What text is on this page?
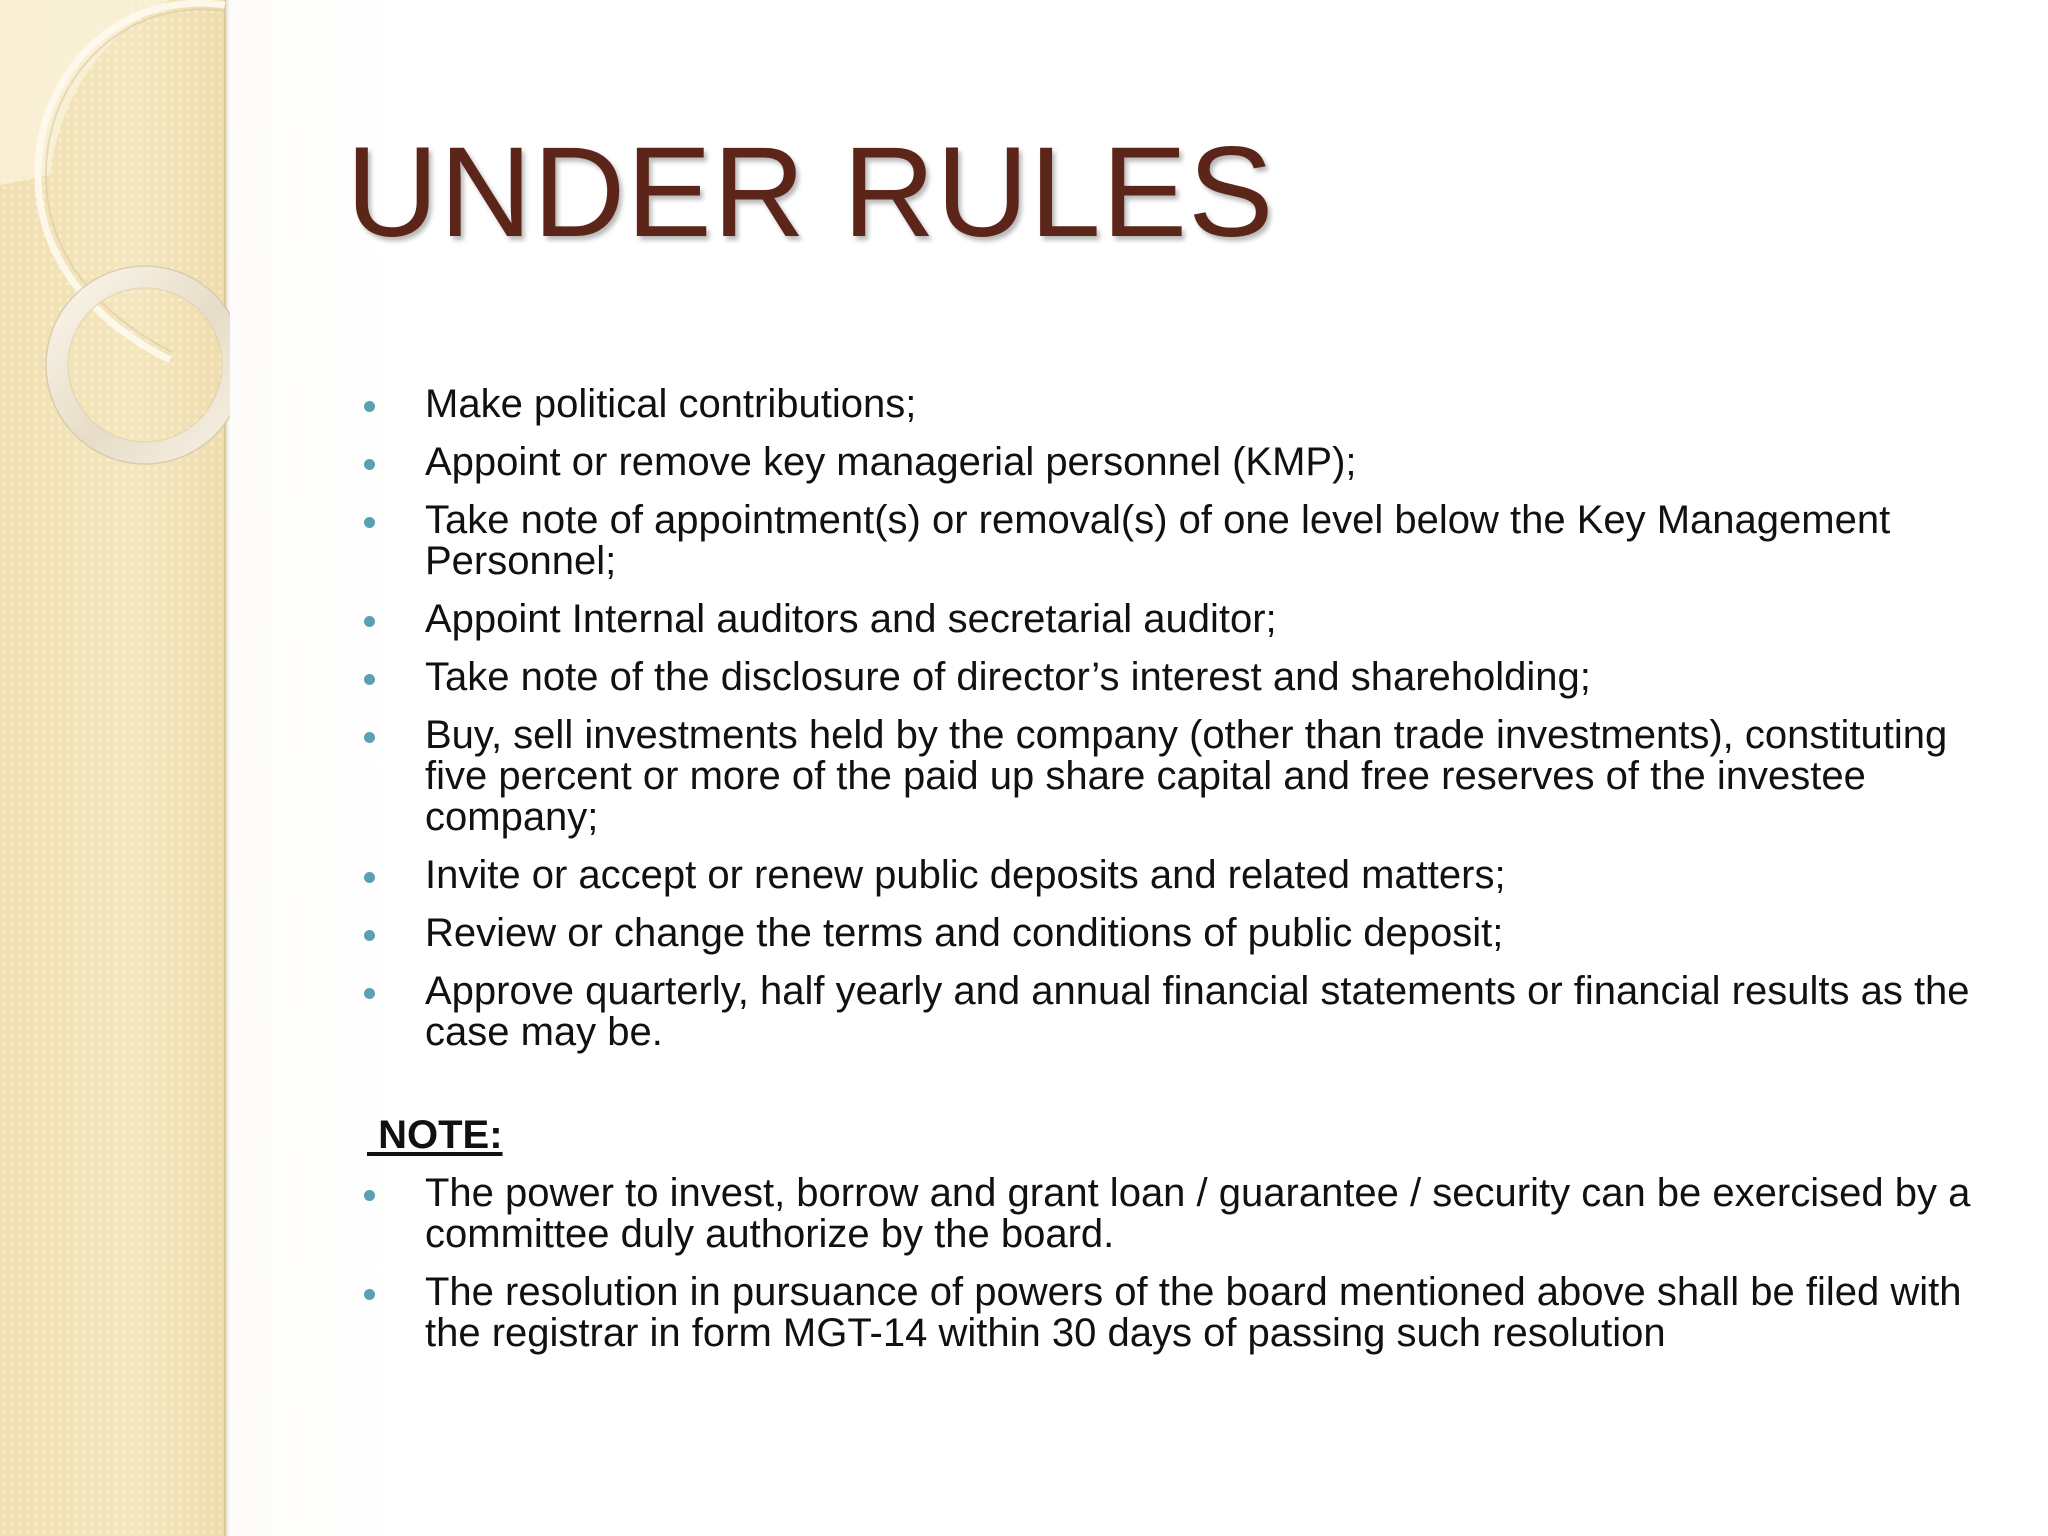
UNDER RULES
Make political contributions;
Appoint or remove key managerial personnel (KMP);
Take note of appointment(s) or removal(s) of one level below the Key Management Personnel;
Appoint Internal auditors and secretarial auditor;
Take note of the disclosure of director’s interest and shareholding;
Buy, sell investments held by the company (other than trade investments), constituting five percent or more of the paid up share capital and free reserves of the investee company;
Invite or accept or renew public deposits and related matters;
Review or change the terms and conditions of public deposit;
Approve quarterly, half yearly and annual financial statements or financial results as the case may be.
NOTE:
The power to invest, borrow and grant loan / guarantee / security can be exercised by a committee duly authorize by the board.
The resolution in pursuance of powers of the board mentioned above shall be filed with the registrar in form MGT-14 within 30 days of passing such resolution
